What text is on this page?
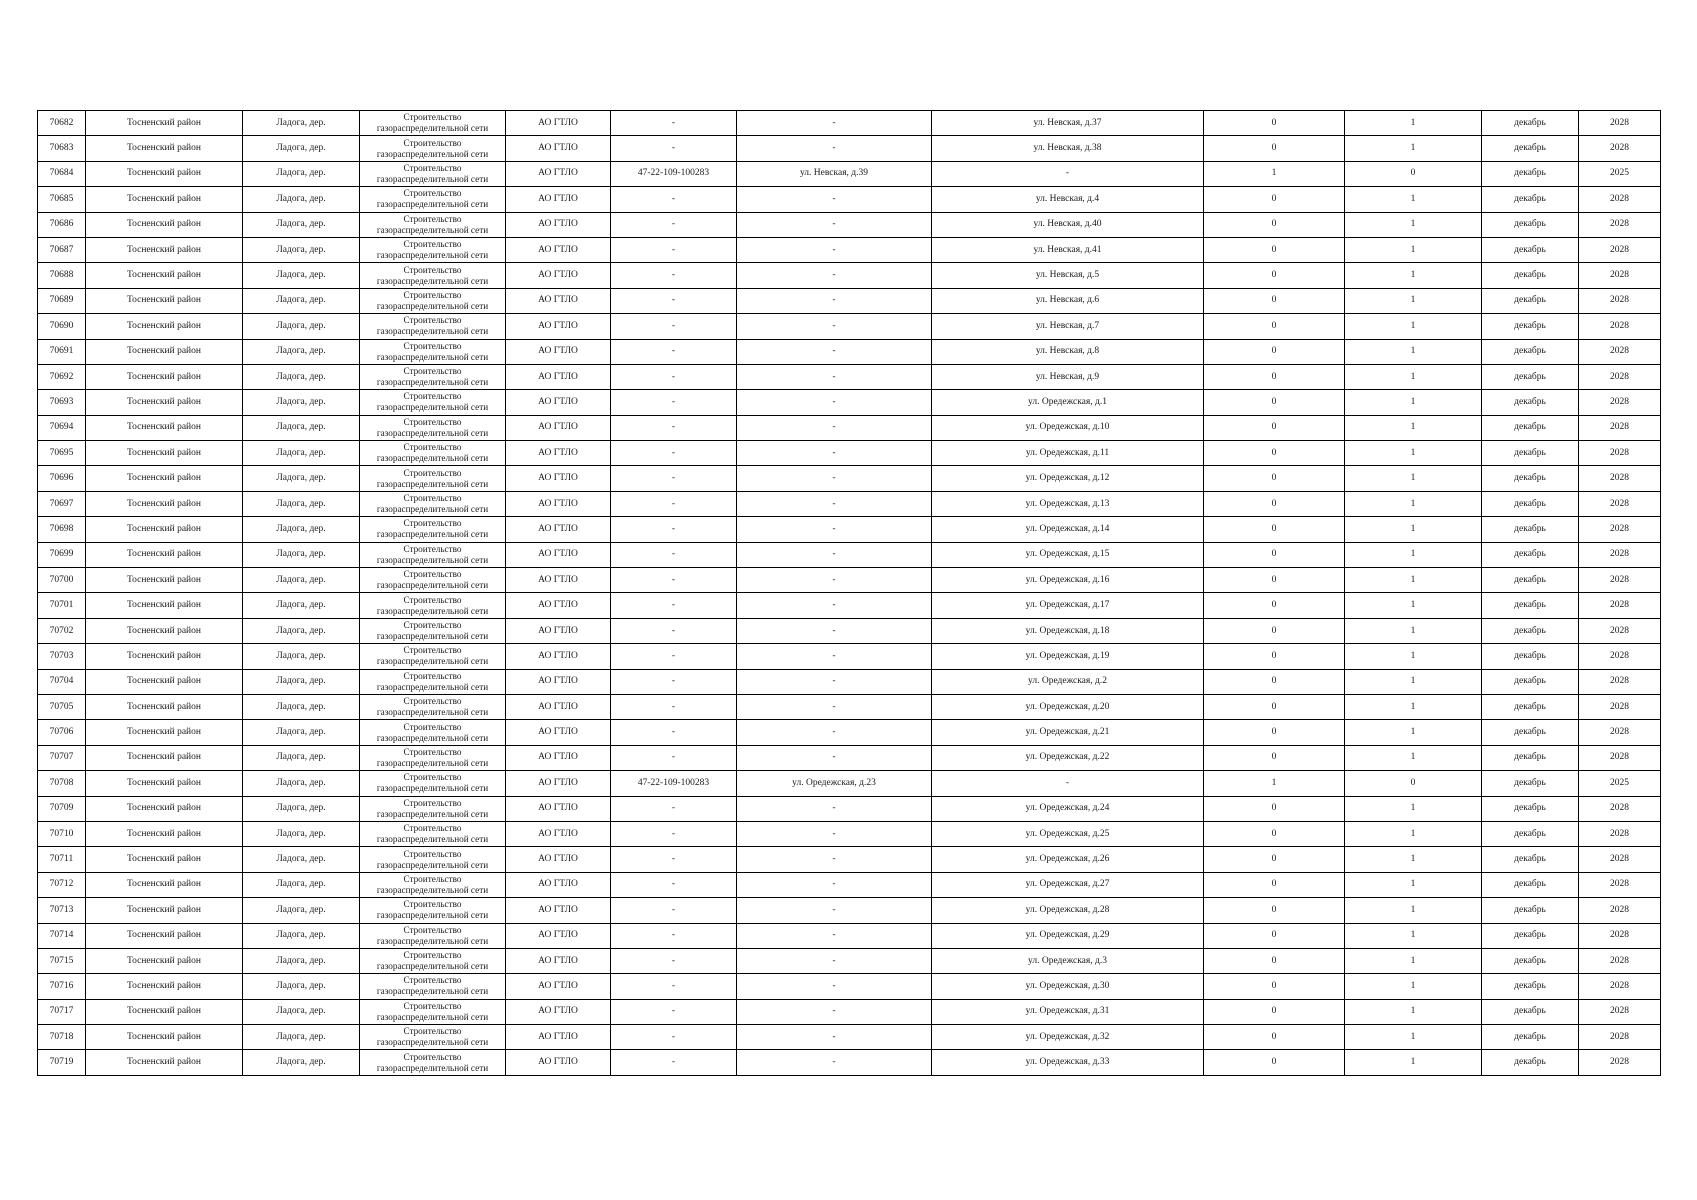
70682	Тосненский район	Ладога, дер.	Строительство
газораспределительной сети	АО ГТЛО	-	-	ул. Невская, д.37	0	1	декабрь	2028
70683	Тосненский район	Ладога, дер.	Строительство
газораспределительной сети	АО ГТЛО	-	-	ул. Невская, д.38	0	1	декабрь	2028
70684	Тосненский район	Ладога, дер.	Строительство
газораспределительной сети	АО ГТЛО	47-22-109-100283	ул. Невская, д.39	-	1	0	декабрь	2025
70685	Тосненский район	Ладога, дер.	Строительство
газораспределительной сети	АО ГТЛО	-	-	ул. Невская, д.4	0	1	декабрь	2028
70686	Тосненский район	Ладога, дер.	Строительство
газораспределительной сети	АО ГТЛО	-	-	ул. Невская, д.40	0	1	декабрь	2028
70687	Тосненский район	Ладога, дер.	Строительство
газораспределительной сети	АО ГТЛО	-	-	ул. Невская, д.41	0	1	декабрь	2028
70688	Тосненский район	Ладога, дер.	Строительство
газораспределительной сети	АО ГТЛО	-	-	ул. Невская, д.5	0	1	декабрь	2028
70689	Тосненский район	Ладога, дер.	Строительство
газораспределительной сети	АО ГТЛО	-	-	ул. Невская, д.6	0	1	декабрь	2028
70690	Тосненский район	Ладога, дер.	Строительство
газораспределительной сети	АО ГТЛО	-	-	ул. Невская, д.7	0	1	декабрь	2028
70691	Тосненский район	Ладога, дер.	Строительство
газораспределительной сети	АО ГТЛО	-	-	ул. Невская, д.8	0	1	декабрь	2028
70692	Тосненский район	Ладога, дер.	Строительство
газораспределительной сети	АО ГТЛО	-	-	ул. Невская, д.9	0	1	декабрь	2028
70693	Тосненский район	Ладога, дер.	Строительство
газораспределительной сети	АО ГТЛО	-	-	ул. Оредежская, д.1	0	1	декабрь	2028
70694	Тосненский район	Ладога, дер.	Строительство
газораспределительной сети	АО ГТЛО	-	-	ул. Оредежская, д.10	0	1	декабрь	2028
70695	Тосненский район	Ладога, дер.	Строительство
газораспределительной сети	АО ГТЛО	-	-	ул. Оредежская, д.11	0	1	декабрь	2028
70696	Тосненский район	Ладога, дер.	Строительство
газораспределительной сети	АО ГТЛО	-	-	ул. Оредежская, д.12	0	1	декабрь	2028
70697	Тосненский район	Ладога, дер.	Строительство
газораспределительной сети	АО ГТЛО	-	-	ул. Оредежская, д.13	0	1	декабрь	2028
70698	Тосненский район	Ладога, дер.	Строительство
газораспределительной сети	АО ГТЛО	-	-	ул. Оредежская, д.14	0	1	декабрь	2028
70699	Тосненский район	Ладога, дер.	Строительство
газораспределительной сети	АО ГТЛО	-	-	ул. Оредежская, д.15	0	1	декабрь	2028
70700	Тосненский район	Ладога, дер.	Строительство
газораспределительной сети	АО ГТЛО	-	-	ул. Оредежская, д.16	0	1	декабрь	2028
70701	Тосненский район	Ладога, дер.	Строительство
газораспределительной сети	АО ГТЛО	-	-	ул. Оредежская, д.17	0	1	декабрь	2028
70702	Тосненский район	Ладога, дер.	Строительство
газораспределительной сети	АО ГТЛО	-	-	ул. Оредежская, д.18	0	1	декабрь	2028
70703	Тосненский район	Ладога, дер.	Строительство
газораспределительной сети	АО ГТЛО	-	-	ул. Оредежская, д.19	0	1	декабрь	2028
70704	Тосненский район	Ладога, дер.	Строительство
газораспределительной сети	АО ГТЛО	-	-	ул. Оредежская, д.2	0	1	декабрь	2028
70705	Тосненский район	Ладога, дер.	Строительство
газораспределительной сети	АО ГТЛО	-	-	ул. Оредежская, д.20	0	1	декабрь	2028
70706	Тосненский район	Ладога, дер.	Строительство
газораспределительной сети	АО ГТЛО	-	-	ул. Оредежская, д.21	0	1	декабрь	2028
70707	Тосненский район	Ладога, дер.	Строительство
газораспределительной сети	АО ГТЛО	-	-	ул. Оредежская, д.22	0	1	декабрь	2028
70708	Тосненский район	Ладога, дер.	Строительство
газораспределительной сети	АО ГТЛО	47-22-109-100283	ул. Оредежская, д.23	-	1	0	декабрь	2025
70709	Тосненский район	Ладога, дер.	Строительство
газораспределительной сети	АО ГТЛО	-	-	ул. Оредежская, д.24	0	1	декабрь	2028
70710	Тосненский район	Ладога, дер.	Строительство
газораспределительной сети	АО ГТЛО	-	-	ул. Оредежская, д.25	0	1	декабрь	2028
70711	Тосненский район	Ладога, дер.	Строительство
газораспределительной сети	АО ГТЛО	-	-	ул. Оредежская, д.26	0	1	декабрь	2028
70712	Тосненский район	Ладога, дер.	Строительство
газораспределительной сети	АО ГТЛО	-	-	ул. Оредежская, д.27	0	1	декабрь	2028
70713	Тосненский район	Ладога, дер.	Строительство
газораспределительной сети	АО ГТЛО	-	-	ул. Оредежская, д.28	0	1	декабрь	2028
70714	Тосненский район	Ладога, дер.	Строительство
газораспределительной сети	АО ГТЛО	-	-	ул. Оредежская, д.29	0	1	декабрь	2028
70715	Тосненский район	Ладога, дер.	Строительство
газораспределительной сети	АО ГТЛО	-	-	ул. Оредежская, д.3	0	1	декабрь	2028
70716	Тосненский район	Ладога, дер.	Строительство
газораспределительной сети	АО ГТЛО	-	-	ул. Оредежская, д.30	0	1	декабрь	2028
70717	Тосненский район	Ладога, дер.	Строительство
газораспределительной сети	АО ГТЛО	-	-	ул. Оредежская, д.31	0	1	декабрь	2028
70718	Тосненский район	Ладога, дер.	Строительство
газораспределительной сети	АО ГТЛО	-	-	ул. Оредежская, д.32	0	1	декабрь	2028
70719	Тосненский район	Ладога, дер.	Строительство
газораспределительной сети	АО ГТЛО	-	-	ул. Оредежская, д.33	0	1	декабрь	2028
